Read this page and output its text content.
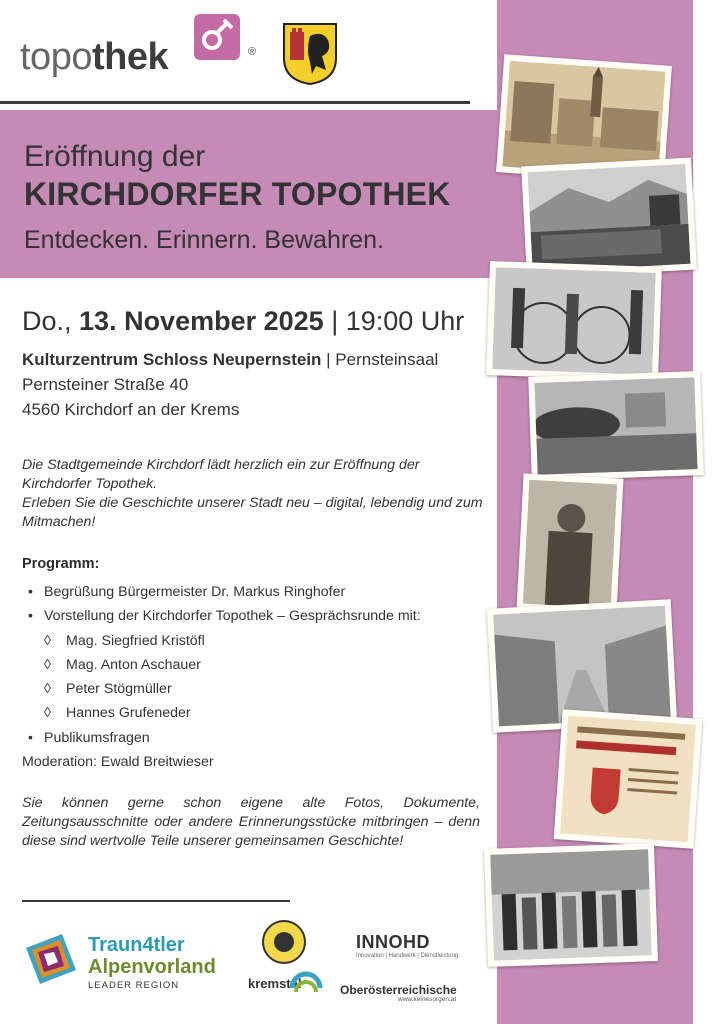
topothek	®
Eröffnung der
KIRCHDORFER TOPOTHEK
Entdecken. Erinnern. Bewahren.
Do., 13. November 2025 | 19:00 Uhr
Kulturzentrum Schloss Neupernstein | Pernsteinsaal
Pernsteiner Straße 40
4560 Kirchdorf an der Krems
Die Stadtgemeinde Kirchdorf lädt herzlich ein zur Eröffnung der Kirchdorfer Topothek.
Erleben Sie die Geschichte unserer Stadt neu – digital, lebendig und zum Mitmachen!
Programm:
• Begrüßung Bürgermeister Dr. Markus Ringhofer
• Vorstellung der Kirchdorfer Topothek – Gesprächsrunde mit:
◊ Mag. Siegfried Kristöfl
◊ Mag. Anton Aschauer
◊ Peter Stögmüller
◊ Hannes Grufeneder
• Publikumsfragen
Moderation: Ewald Breitwieser
Sie können gerne schon eigene alte Fotos, Dokumente, Zeitungsausschnitte oder andere Erinnerungsstücke mitbringen – denn diese sind wertvolle Teile unserer gemeinsamen Geschichte!
Traun4tler
Alpenvorland
LEADER REGION	kremstal
INNOHD
Innovation | Handwerk | Dienstleistung
Oberösterreichische
www.keinesorgen.at
